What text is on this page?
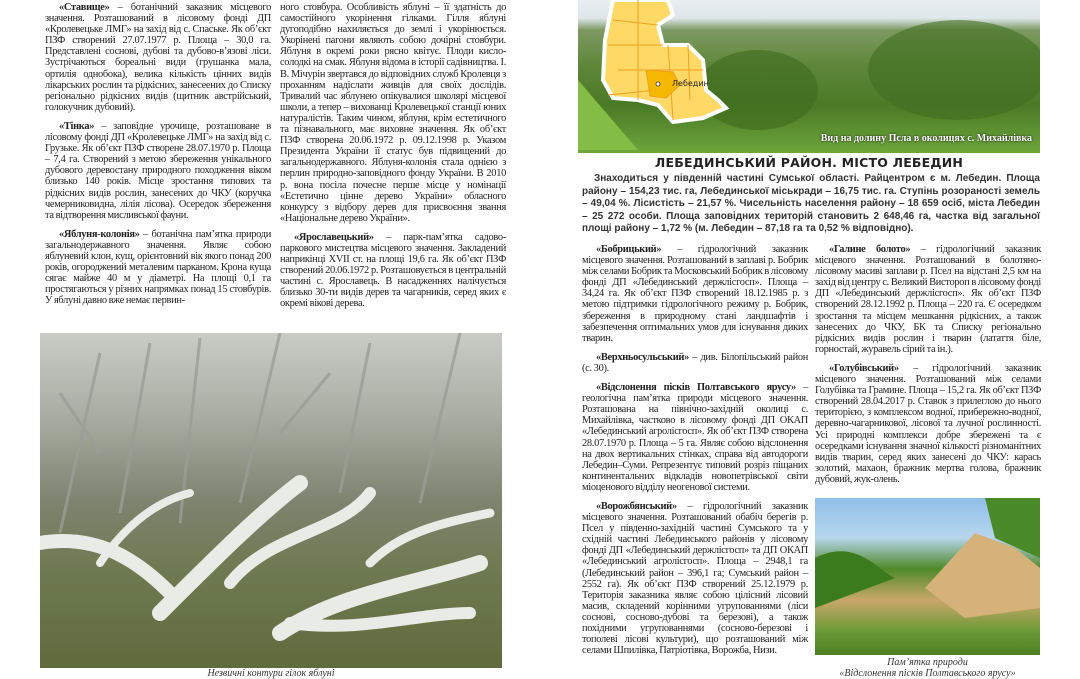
«Ставище» – ботанічний заказник місцевого значення. Розташований в лісовому фонді ДП «Кролевецьке ЛМГ» на захід від с. Спаське. Як об’єкт ПЗФ створений 27.07.1977 р. Площа – 30,0 га. Представлені соснові, дубові та дубово-в’язові ліси. Зустрічаються бореальні види (грушанка мала, ортилія однобока), велика кількість цінних видів лікарських рослин та рідкісних, занесеених до Списку регіонально рідкісних видів (щитник австрійський, голокучник дубовий).

«Тінка» – заповідне урочище, розташоване в лісовому фонді ДП «Кролевецьке ЛМГ» на захід від с. Грузьке. Як об’єкт ПЗФ створене 28.07.1970 р. Площа – 7,4 га. Створений з метою збереження унікального дубового деревостану природного походження віком близько 140 років. Місце зростання типових та рідкісних видів рослин, занесених до ЧКУ (коручка чемерниковидна, лілія лісова). Осередок збереження та відтворення мисливської фауни.

«Яблуня-колонія» – ботанічна пам’ятка природи загальнодержавного значення. Являє собою яблуневий клон, кущ, орієнтовний вік якого понад 200 років, огороджений металевим парканом. Крона куща сягає майже 40 м у діаметрі. На площі 0,1 га простягаються у різних напрямках понад 15 стовбурів. У яблуні давно вже немає первин-

ного стовбура. Особливість яблуні – її здатність до самостійного укорінення гілками. Гілля яблуні дугоподібно нахиляється до землі і укорінюється. Укорінені пагони являють собою дочірні стовбури. Яблуня в окремі роки рясно квітує. Плоди кисло-солодкі на смак. Яблуня відома в історії садівництва. І. В. Мічурін звертався до відповідних служб Кролевця з проханням надіслати живців для своїх дослідів. Тривалий час яблунею опікувалися школярі місцевої школи, а тепер – вихованці Кролевецької станції юних натуралістів. Таким чином, яблуня, крім естетичного та пізнавального, має виховне значення. Як об’єкт ПЗФ створена 20.06.1972 р. 09.12.1998 р. Указом Президента України її статус був підвищений до загальнодержавного. Яблуня-колонія стала однією з перлин природно-заповідного фонду України. В 2010 р. вона посіла почесне перше місце у номінації «Естетично цінне дерево України» обласного конкурсу з відбору дерев для присвоєння звання «Національне дерево України».

«Ярославецький» – парк-пам’ятка садово-паркового мистецтва місцевого значення. Закладений наприкінці XVII ст. на площі 19,6 га. Як об’єкт ПЗФ створений 20.06.1972 р. Розташовується в центральній частині с. Ярославець. В насадженнях налічується близько 30-ти видів дерев та чагарників, серед яких є окремі вікові дерева.

Незвичні контури гілок яблуні
Лебедин
Вид на долину Псла в околицях с. Михайлівка
ЛЕБЕДИНСЬКИЙ РАЙОН. МІСТО ЛЕБЕДИН
Знаходиться у південній частині Сумської області. Райцентром є м. Лебедин. Площа району – 154,23 тис. га, Лебединської міськради – 16,75 тис. га. Ступінь розораності земель – 49,04 %. Лісистість – 21,57 %. Чисельність населення району – 18 659 осіб, міста Лебедин – 25 272 особи. Площа заповідних територій становить 2 648,46 га, частка від загальної площі району – 1,72 % (м. Лебедин – 87,18 га та 0,52 % відповідно).

«Бобрицький» – гідрологічний заказник місцевого значення. Розташований в заплаві р. Бобрик між селами Бобрик та Московський Бобрик в лісовому фонді ДП «Лебединський держлісгосп». Площа – 34,24 га. Як об’єкт ПЗФ створений 18.12.1985 р. з метою підтримки гідрологічного режиму р. Бобрик, збереження в природному стані ландшафтів і забезпечення оптимальних умов для існування диких тварин.

«Верхньосульський» – див. Білопільський район (с. 30).

«Відслонення пісків Полтавського ярусу» – геологічна пам’ятка природи місцевого значення. Розташована на північно-західній околиці с. Михайлівка, частково в лісовому фонді ДП ОКАП «Лебединський агролісгосп». Як об’єкт ПЗФ створена 28.07.1970 р. Площа – 5 га. Являє собою відслонення на двох вертикальних стінках, справа від автодороги Лебедин–Суми. Репрезентує типовий розріз піщаних континентальних відкладів новопетрівської світи міоценового відділу неогенової системи.

«Ворожбянський» – гідрологічний заказник місцевого значення. Розташований обабіч берегів р. Псел у південно-західній частині Сумського та у східній частині Лебединського районів у лісовому фонді ДП «Лебединський держлісгосп» та ДП ОКАП «Лебединський агролісгосп». Площа – 2948,1 га (Лебединський район – 396,1 га; Сумський район – 2552 га). Як об’єкт ПЗФ створений 25.12.1979 р. Територія заказника являє собою цілісний лісовий масив, складений корінними угрупованнями (ліси соснові, сосново-дубові та березові), а також похідними угрупованнями (сосново-березові і тополеві лісові культури), що розташований між селами Шпилівка, Патріотівка, Ворожба, Низи.

«Галине болото» – гідрологічний заказник місцевого значення. Розташований в болотяно-лісовому масиві заплави р. Псел на відстані 2,5 км на захід від центру с. Великий Вистороп в лісовому фонді ДП «Лебединський держлісгосп». Як об’єкт ПЗФ створений 28.12.1992 р. Площа – 220 га. Є осередком зростання та місцем мешкання рідкісних, а також занесених до ЧКУ, БК та Списку регіонально рідкісних видів рослин і тварин (латаття біле, горностай, журавель сірий та ін.).

«Голубівський» – гідрологічний заказник місцевого значення. Розташований між селами Голубівка та Грамине. Площа – 15,2 га. Як об’єкт ПЗФ створений 28.04.2017 р. Ставок з прилеглою до нього територією, з комплексом водної, прибережно-водної, деревно-чагарникової, лісової та лучної рослинності. Усі природні комплекси добре збережені та є осередками існування значної кількості різноманітних видів тварин, серед яких занесені до ЧКУ: карась золотий, махаон, бражник мертва голова, бражник дубовий, жук-олень.

Пам’ятка природи
«Відслонення пісків Полтавського ярусу»
